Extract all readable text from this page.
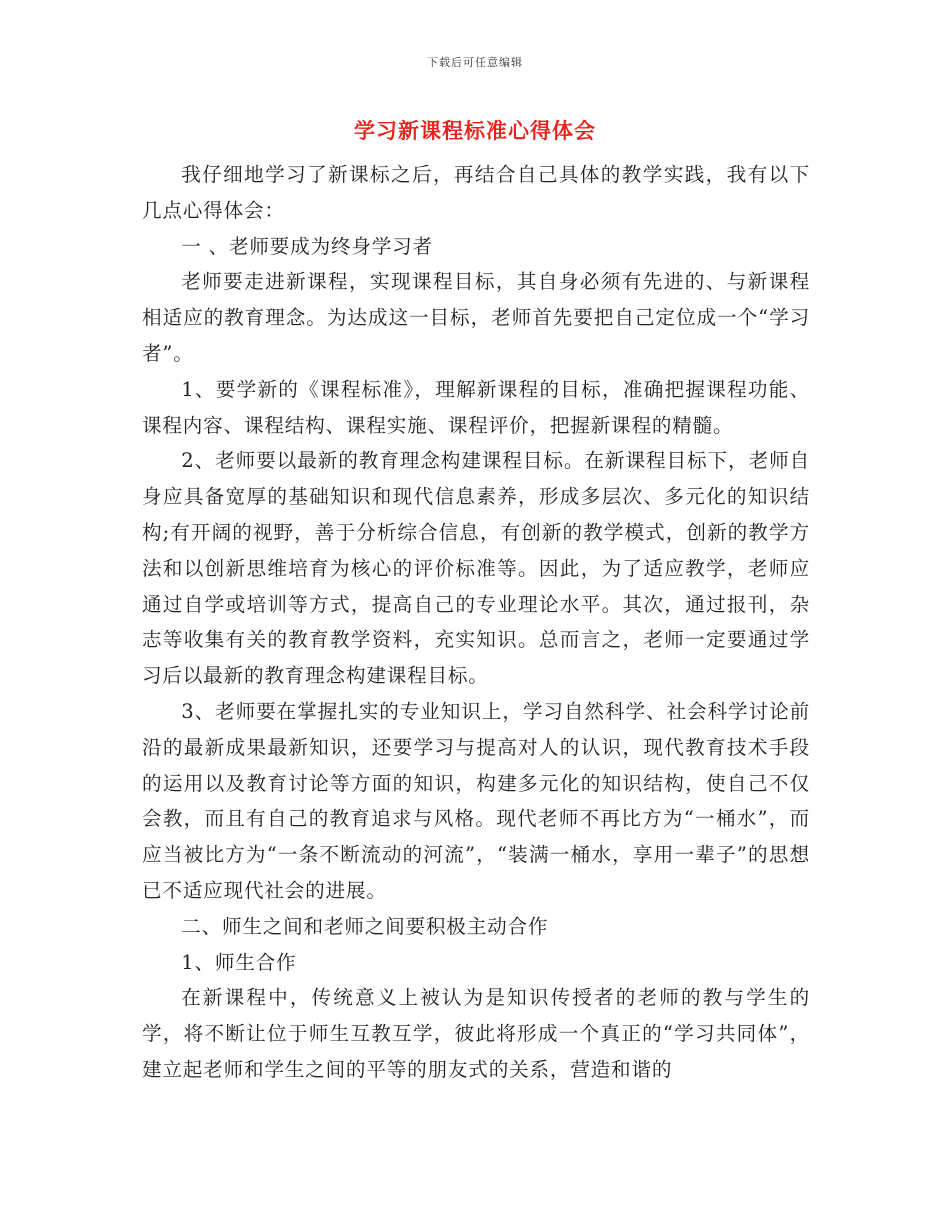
下载后可任意编辑
学习新课程标准心得体会

我仔细地学习了新课标之后，再结合自己具体的教学实践，我有以下几点心得体会：

一 、老师要成为终身学习者

老师要走进新课程，实现课程目标，其自身必须有先进的、与新课程相适应的教育理念。为达成这一目标，老师首先要把自己定位成一个“学习者”。

1、要学新的《课程标准》，理解新课程的目标，准确把握课程功能、课程内容、课程结构、课程实施、课程评价，把握新课程的精髓。

2、老师要以最新的教育理念构建课程目标。在新课程目标下，老师自身应具备宽厚的基础知识和现代信息素养，形成多层次、多元化的知识结构;有开阔的视野，善于分析综合信息，有创新的教学模式，创新的教学方法和以创新思维培育为核心的评价标准等。因此，为了适应教学，老师应通过自学或培训等方式，提高自己的专业理论水平。其次，通过报刊，杂志等收集有关的教育教学资料，充实知识。总而言之，老师一定要通过学习后以最新的教育理念构建课程目标。

3、老师要在掌握扎实的专业知识上，学习自然科学、社会科学讨论前沿的最新成果最新知识，还要学习与提高对人的认识，现代教育技术手段的运用以及教育讨论等方面的知识，构建多元化的知识结构，使自己不仅会教，而且有自己的教育追求与风格。现代老师不再比方为“一桶水”，而应当被比方为“一条不断流动的河流”，“装满一桶水，享用一辈子”的思想已不适应现代社会的进展。

二、师生之间和老师之间要积极主动合作

1、师生合作

在新课程中，传统意义上被认为是知识传授者的老师的教与学生的学，将不断让位于师生互教互学，彼此将形成一个真正的“学习共同体”，建立起老师和学生之间的平等的朋友式的关系，营造和谐的
